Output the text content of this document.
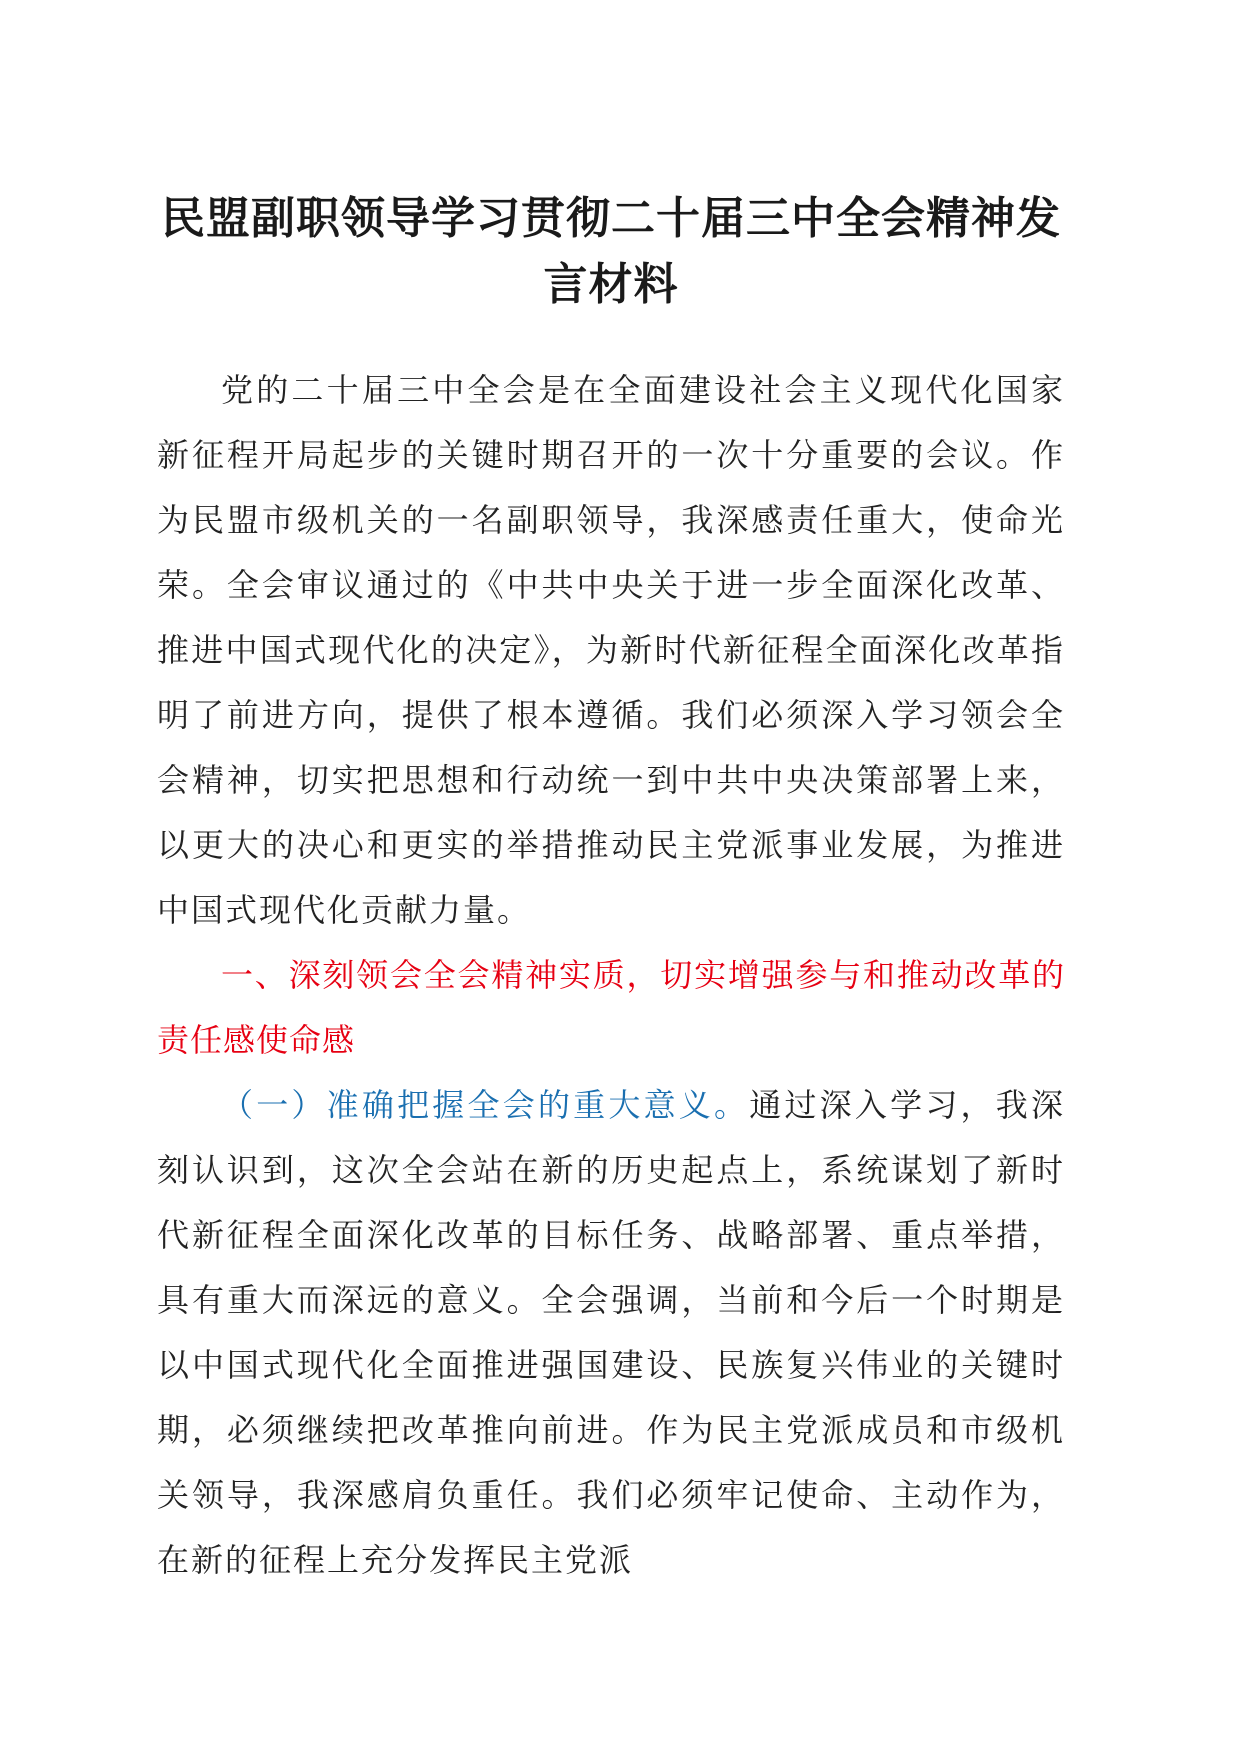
民盟副职领导学习贯彻二十届三中全会精神发言材料

党的二十届三中全会是在全面建设社会主义现代化国家新征程开局起步的关键时期召开的一次十分重要的会议。作为民盟市级机关的一名副职领导，我深感责任重大，使命光荣。全会审议通过的《中共中央关于进一步全面深化改革、推进中国式现代化的决定》，为新时代新征程全面深化改革指明了前进方向，提供了根本遵循。我们必须深入学习领会全会精神，切实把思想和行动统一到中共中央决策部署上来，以更大的决心和更实的举措推动民主党派事业发展，为推进中国式现代化贡献力量。

一、深刻领会全会精神实质，切实增强参与和推动改革的责任感使命感

（一）准确把握全会的重大意义。通过深入学习，我深刻认识到，这次全会站在新的历史起点上，系统谋划了新时代新征程全面深化改革的目标任务、战略部署、重点举措，具有重大而深远的意义。全会强调，当前和今后一个时期是以中国式现代化全面推进强国建设、民族复兴伟业的关键时期，必须继续把改革推向前进。作为民主党派成员和市级机关领导，我深感肩负重任。我们必须牢记使命、主动作为，在新的征程上充分发挥民主党派
